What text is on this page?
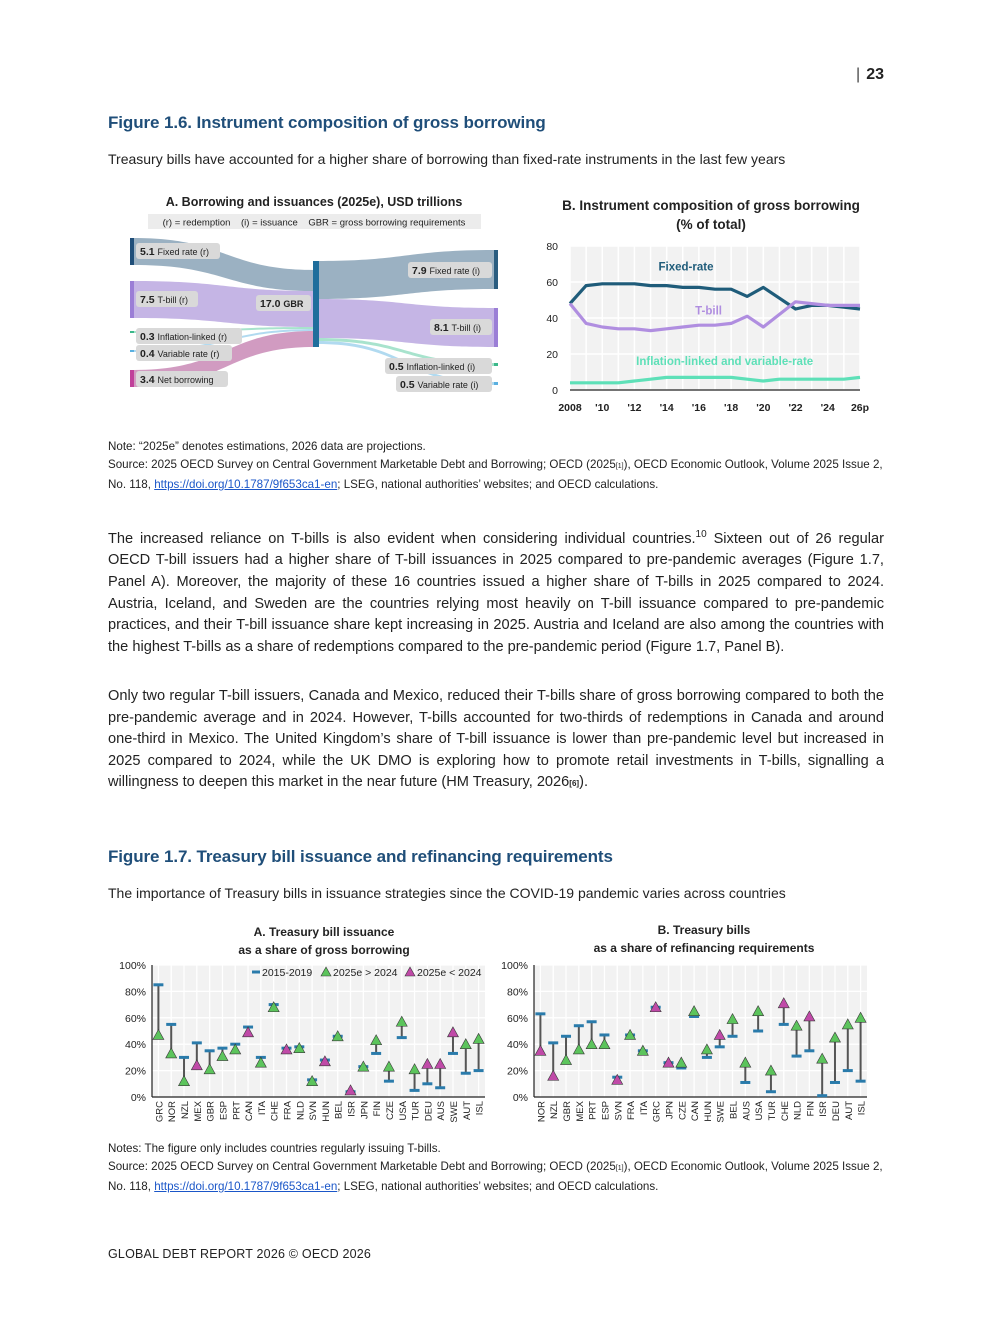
| 23
Figure 1.6. Instrument composition of gross borrowing
Treasury bills have accounted for a higher share of borrowing than fixed-rate instruments in the last few years
A. Borrowing and issuances (2025e), USD trillions
(r) = redemption    (i) = issuance    GBR = gross borrowing requirements
5.1 Fixed rate (r)
7.5 T-bill (r)
0.3 Inflation-linked (r)
0.4 Variable rate (r)
3.4 Net borrowing
17.0 GBR
7.9 Fixed rate (i)
8.1 T-bill (i)
0.5 Inflation-linked (i)
0.5 Variable rate (i)
B. Instrument composition of gross borrowing
(% of total)
0
20
40
60
80
2008 '10 '12 '14 '16 '18 '20 '22 '24 26p
Fixed-rate
T-bill
Inflation-linked and variable-rate
Note: “2025e” denotes estimations, 2026 data are projections.
Source: 2025 OECD Survey on Central Government Marketable Debt and Borrowing; OECD (2025[1]), OECD Economic Outlook, Volume 2025 Issue 2, No. 118, https://doi.org/10.1787/9f653ca1-en; LSEG, national authorities’ websites; and OECD calculations.
The increased reliance on T-bills is also evident when considering individual countries.$^{10}$ Sixteen out of 26 regular OECD T-bill issuers had a higher share of T-bill issuances in 2025 compared to pre-pandemic averages (Figure 1.7, Panel A). Moreover, the majority of these 16 countries issued a higher share of T-bills in 2025 compared to 2024. Austria, Iceland, and Sweden are the countries relying most heavily on T-bill issuance compared to pre-pandemic practices, and their T-bill issuance share kept increasing in 2025. Austria and Iceland are also among the countries with the highest T-bills as a share of redemptions compared to the pre-pandemic period (Figure 1.7, Panel B).
Only two regular T-bill issuers, Canada and Mexico, reduced their T-bills share of gross borrowing compared to both the pre-pandemic average and in 2024. However, T-bills accounted for two-thirds of redemptions in Canada and around one-third in Mexico. The United Kingdom’s share of T-bill issuance is lower than pre-pandemic level but increased in 2025 compared to 2024, while the UK DMO is exploring how to promote retail investments in T-bills, signalling a willingness to deepen this market in the near future (HM Treasury, 2026[6]).
Figure 1.7. Treasury bill issuance and refinancing requirements
The importance of Treasury bills in issuance strategies since the COVID-19 pandemic varies across countries
A. Treasury bill issuance
as a share of gross borrowing
0%
20%
40%
60%
80%
100%
GRC NOR NZL MEX GBR ESP PRT CAN ITA CHE FRA NLD SVN HUN BEL ISR JPN FIN CZE USA TUR DEU AUS SWE AUT ISL
2015-2019 2025e > 2024 2025e < 2024
B. Treasury bills
as a share of refinancing requirements
0%
20%
40%
60%
80%
100%
NOR NZL GBR MEX PRT ESP SVN FRA ITA GRC JPN CZE CAN HUN SWE BEL AUS USA TUR CHE NLD FIN ISR DEU AUT ISL
Notes: The figure only includes countries regularly issuing T-bills.
Source: 2025 OECD Survey on Central Government Marketable Debt and Borrowing; OECD (2025[1]), OECD Economic Outlook, Volume 2025 Issue 2, No. 118, https://doi.org/10.1787/9f653ca1-en; LSEG, national authorities’ websites; and OECD calculations.
GLOBAL DEBT REPORT 2026 © OECD 2026
